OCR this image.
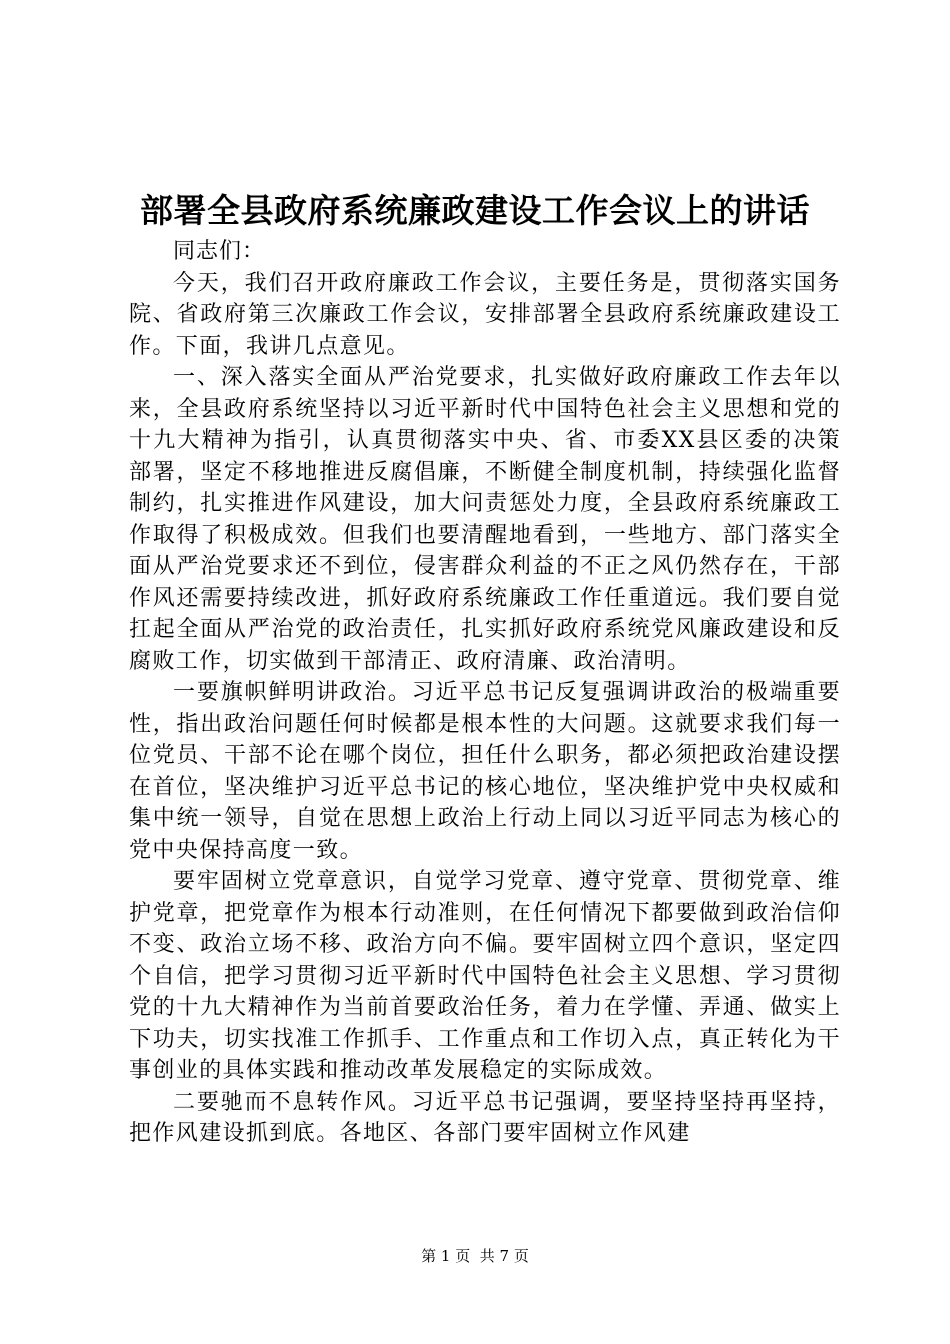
部署全县政府系统廉政建设工作会议上的讲话

同志们：

今天，我们召开政府廉政工作会议，主要任务是，贯彻落实国务院、省政府第三次廉政工作会议，安排部署全县政府系统廉政建设工作。下面，我讲几点意见。

一、深入落实全面从严治党要求，扎实做好政府廉政工作去年以来，全县政府系统坚持以习近平新时代中国特色社会主义思想和党的十九大精神为指引，认真贯彻落实中央、省、市委XX县区委的决策部署，坚定不移地推进反腐倡廉，不断健全制度机制，持续强化监督制约，扎实推进作风建设，加大问责惩处力度，全县政府系统廉政工作取得了积极成效。但我们也要清醒地看到，一些地方、部门落实全面从严治党要求还不到位，侵害群众利益的不正之风仍然存在，干部作风还需要持续改进，抓好政府系统廉政工作任重道远。我们要自觉扛起全面从严治党的政治责任，扎实抓好政府系统党风廉政建设和反腐败工作，切实做到干部清正、政府清廉、政治清明。

一要旗帜鲜明讲政治。习近平总书记反复强调讲政治的极端重要性，指出政治问题任何时候都是根本性的大问题。这就要求我们每一位党员、干部不论在哪个岗位，担任什么职务，都必须把政治建设摆在首位，坚决维护习近平总书记的核心地位，坚决维护党中央权威和集中统一领导，自觉在思想上政治上行动上同以习近平同志为核心的党中央保持高度一致。

要牢固树立党章意识，自觉学习党章、遵守党章、贯彻党章、维护党章，把党章作为根本行动准则，在任何情况下都要做到政治信仰不变、政治立场不移、政治方向不偏。要牢固树立四个意识，坚定四个自信，把学习贯彻习近平新时代中国特色社会主义思想、学习贯彻党的十九大精神作为当前首要政治任务，着力在学懂、弄通、做实上下功夫，切实找准工作抓手、工作重点和工作切入点，真正转化为干事创业的具体实践和推动改革发展稳定的实际成效。

二要驰而不息转作风。习近平总书记强调，要坚持坚持再坚持，把作风建设抓到底。各地区、各部门要牢固树立作风建

第 1 页  共 7 页
